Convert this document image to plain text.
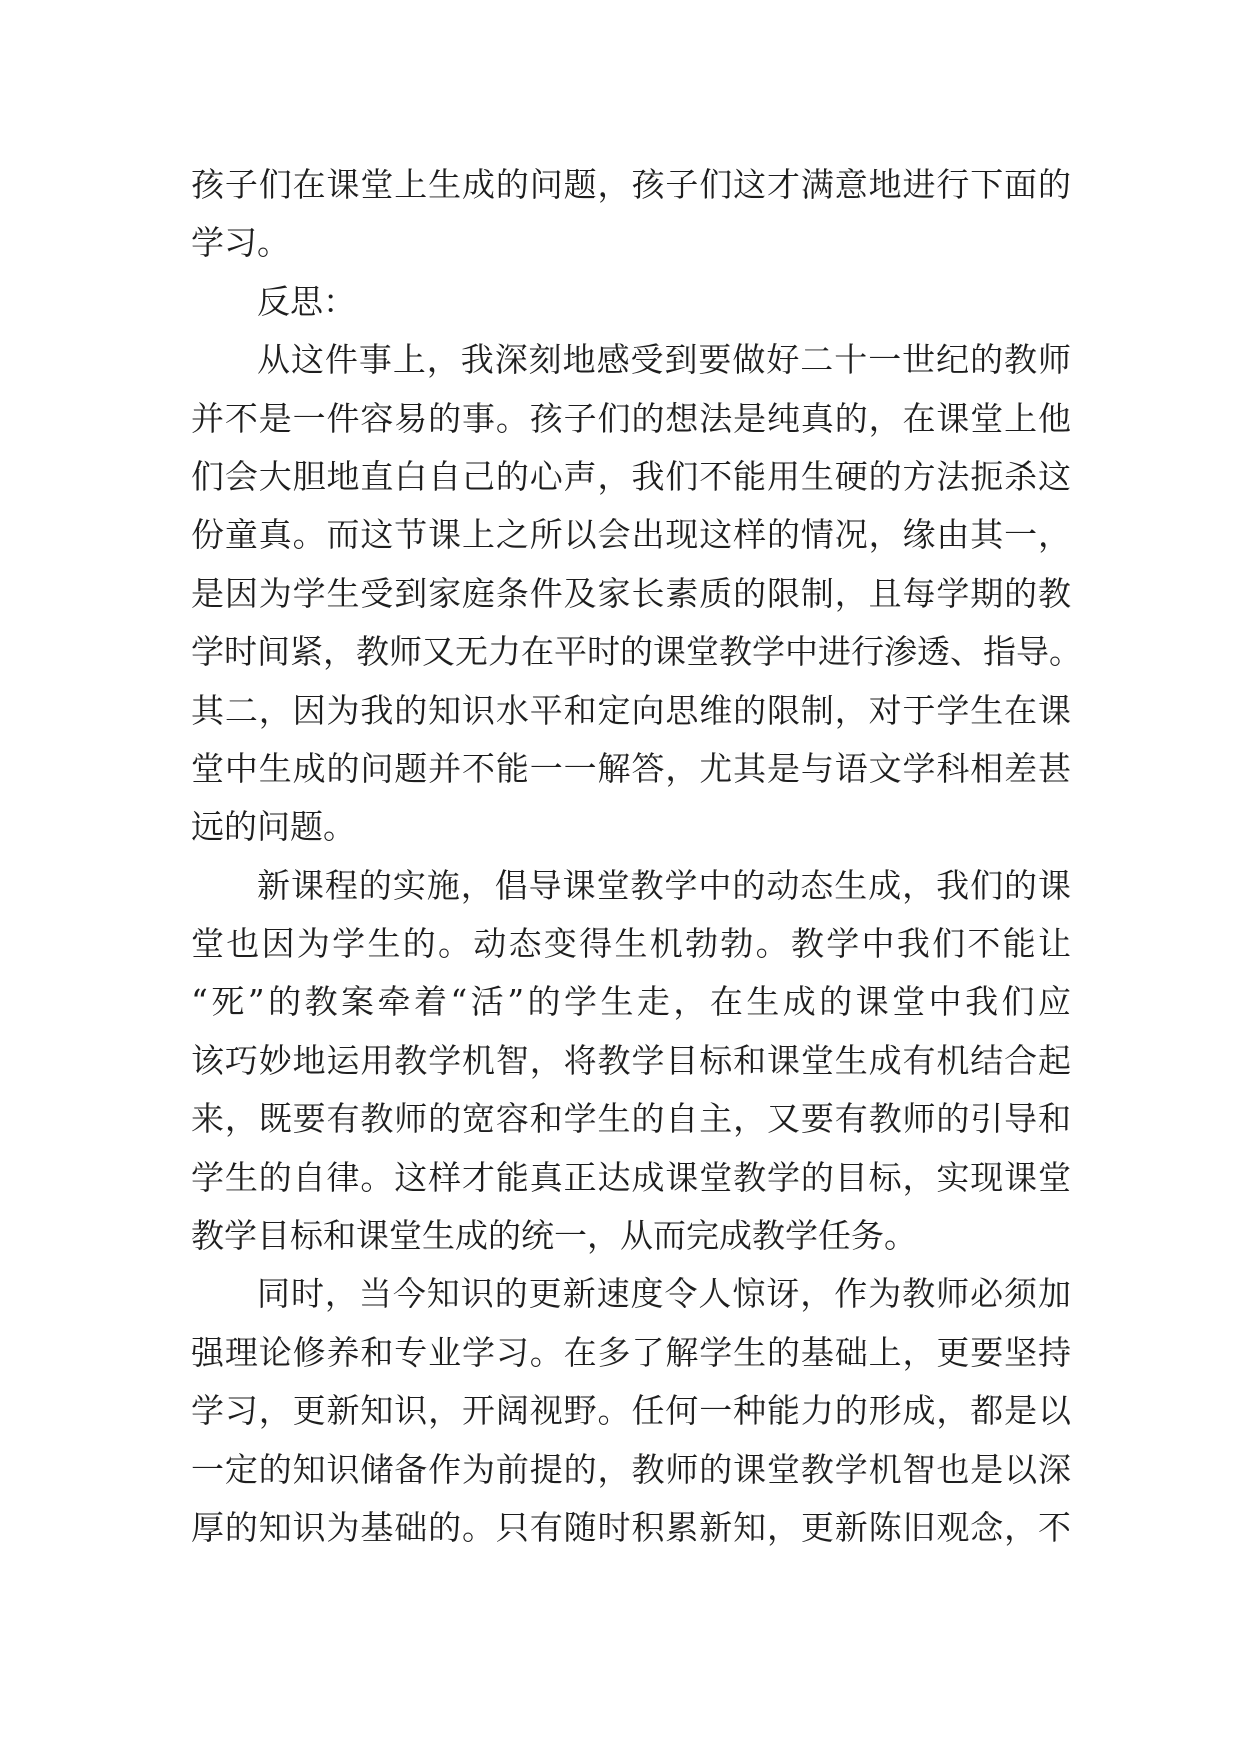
孩子们在课堂上生成的问题，孩子们这才满意地进行下面的
学习。
反思：
从这件事上，我深刻地感受到要做好二十一世纪的教师
并不是一件容易的事。孩子们的想法是纯真的，在课堂上他
们会大胆地直白自己的心声，我们不能用生硬的方法扼杀这
份童真。而这节课上之所以会出现这样的情况，缘由其一，
是因为学生受到家庭条件及家长素质的限制，且每学期的教
学时间紧，教师又无力在平时的课堂教学中进行渗透、指导。
其二，因为我的知识水平和定向思维的限制，对于学生在课
堂中生成的问题并不能一一解答，尤其是与语文学科相差甚
远的问题。
新课程的实施，倡导课堂教学中的动态生成，我们的课
堂也因为学生的。动态变得生机勃勃。教学中我们不能让
“死”的教案牵着“活”的学生走，在生成的课堂中我们应
该巧妙地运用教学机智，将教学目标和课堂生成有机结合起
来，既要有教师的宽容和学生的自主，又要有教师的引导和
学生的自律。这样才能真正达成课堂教学的目标，实现课堂
教学目标和课堂生成的统一，从而完成教学任务。
同时，当今知识的更新速度令人惊讶，作为教师必须加
强理论修养和专业学习。在多了解学生的基础上，更要坚持
学习，更新知识，开阔视野。任何一种能力的形成，都是以
一定的知识储备作为前提的，教师的课堂教学机智也是以深
厚的知识为基础的。只有随时积累新知，更新陈旧观念，不
